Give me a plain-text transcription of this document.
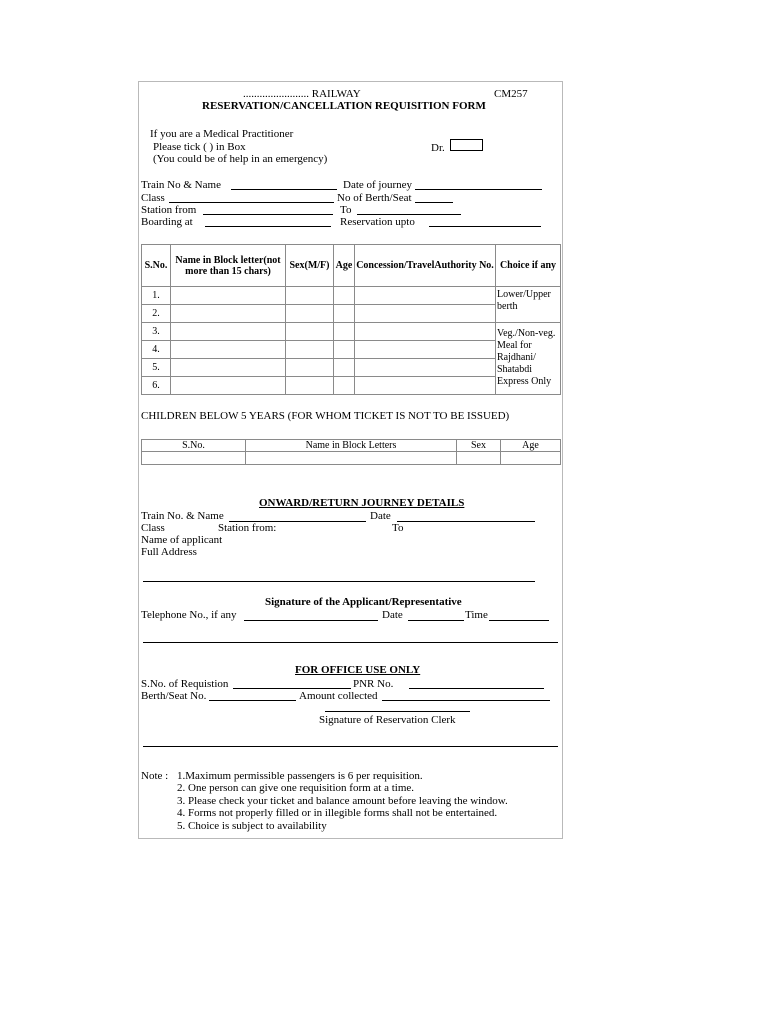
........................ RAILWAY	CM257
RESERVATION/CANCELLATION REQUISITION FORM
If you are a Medical Practitioner
Please tick ( ) in Box
(You could be of help in an emergency)
Dr.
Train No & Name	Date of journey
Class	No of Berth/Seat
Station from	To
Boarding at	Reservation upto
S.No.	Name in Block letter(not more than 15 chars)	Sex(M/F)	Age	Concession/TravelAuthority No.	Choice if any
1.					Lower/Upper berth
2.					
3.					Veg./Non-veg. Meal for Rajdhani/ Shatabdi Express Only
4.					
5.					
6.					
CHILDREN BELOW 5 YEARS (FOR WHOM TICKET IS NOT TO BE ISSUED)
S.No.	Name in Block Letters	Sex	Age

ONWARD/RETURN JOURNEY DETAILS
Train No. & Name	Date
Class	Station from:	To
Name of applicant
Full Address
Signature of the Applicant/Representative
Telephone No., if any	Date	Time
FOR OFFICE USE ONLY
S.No. of Requistion	PNR No.
Berth/Seat No.	Amount collected
Signature of Reservation Clerk
Note : 1.Maximum permissible passengers is 6 per requisition.
2. One person can give one requisition form at a time.
3. Please check your ticket and balance amount before leaving the window.
4. Forms not properly filled or in illegible forms shall not be entertained.
5. Choice is subject to availability
